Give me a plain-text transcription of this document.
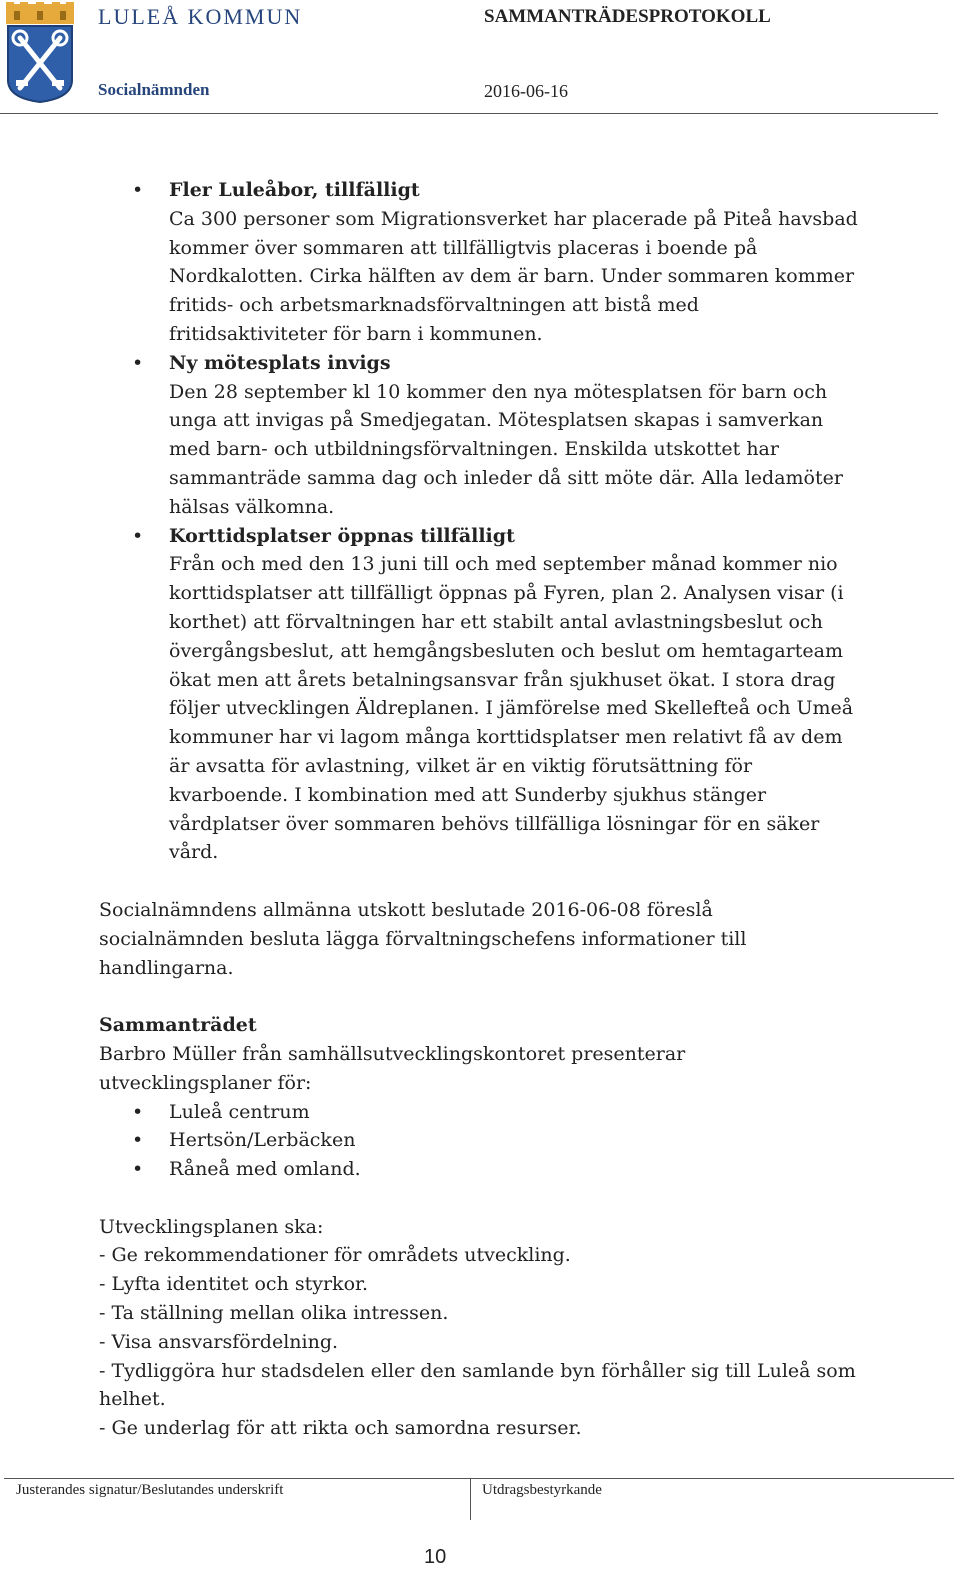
LULEÅ KOMMUN
Socialnämnden
SAMMANTRÄDESPROTOKOLL
2016-06-16
• Fler Luleåbor, tillfälligt
Ca 300 personer som Migrationsverket har placerade på Piteå havsbad kommer över sommaren att tillfälligtvis placeras i boende på Nordkalotten. Cirka hälften av dem är barn. Under sommaren kommer fritids- och arbetsmarknadsförvaltningen att bistå med fritidsaktiviteter för barn i kommunen.
• Ny mötesplats invigs
Den 28 september kl 10 kommer den nya mötesplatsen för barn och unga att invigas på Smedjegatan. Mötesplatsen skapas i samverkan med barn- och utbildningsförvaltningen. Enskilda utskottet har sammanträde samma dag och inleder då sitt möte där. Alla ledamöter hälsas välkomna.
• Korttidsplatser öppnas tillfälligt
Från och med den 13 juni till och med september månad kommer nio korttidsplatser att tillfälligt öppnas på Fyren, plan 2. Analysen visar (i korthet) att förvaltningen har ett stabilt antal avlastningsbeslut och övergångsbeslut, att hemgångsbesluten och beslut om hemtagarteam ökat men att årets betalningsansvar från sjukhuset ökat. I stora drag följer utvecklingen Äldreplanen. I jämförelse med Skellefteå och Umeå kommuner har vi lagom många korttidsplatser men relativt få av dem är avsatta för avlastning, vilket är en viktig förutsättning för kvarboende. I kombination med att Sunderby sjukhus stänger vårdplatser över sommaren behövs tillfälliga lösningar för en säker vård.

Socialnämndens allmänna utskott beslutade 2016-06-08 föreslå socialnämnden besluta lägga förvaltningschefens informationer till handlingarna.

Sammanträdet

Barbro Müller från samhällsutvecklingskontoret presenterar utvecklingsplaner för:

• Luleå centrum
• Hertsön/Lerbäcken
• Råneå med omland.

Utvecklingsplanen ska:

- Ge rekommendationer för områdets utveckling.
- Lyfta identitet och styrkor.
- Ta ställning mellan olika intressen.
- Visa ansvarsfördelning.
- Tydliggöra hur stadsdelen eller den samlande byn förhåller sig till Luleå som helhet.
- Ge underlag för att rikta och samordna resurser.
Justerandes signatur/Beslutandes underskrift	Utdragsbestyrkande
10
